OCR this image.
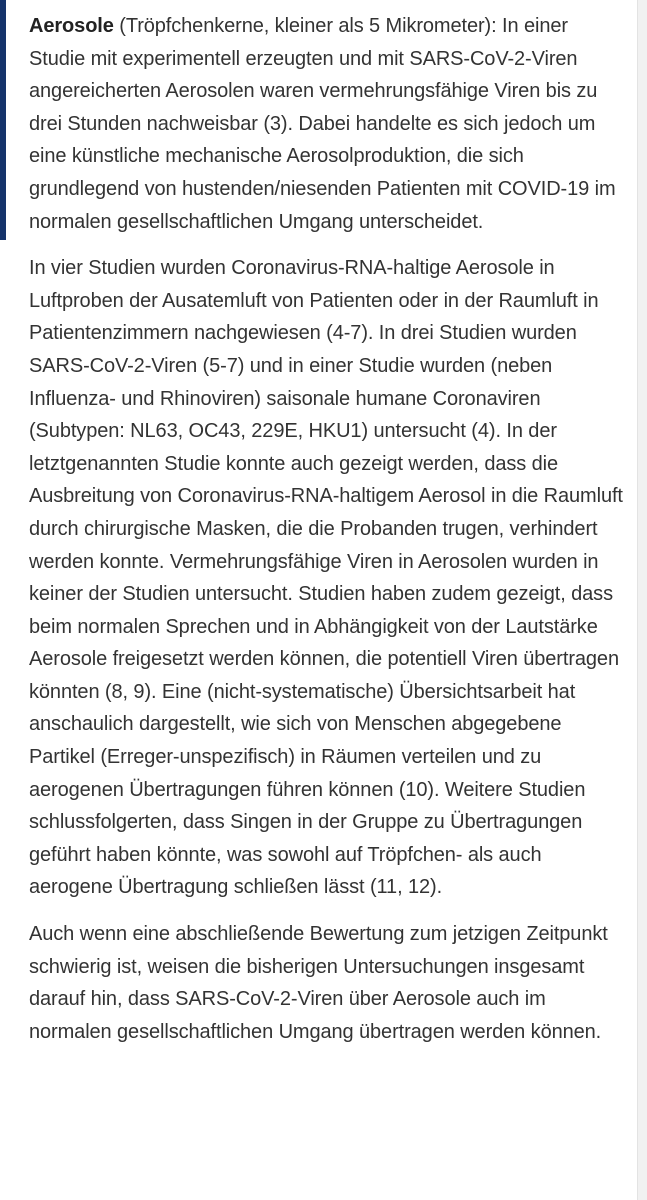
Aerosole (Tröpfchenkerne, kleiner als 5 Mikrometer): In einer Studie mit experimentell erzeugten und mit SARS-CoV-2-Viren angereicherten Aerosolen waren vermehrungsfähige Viren bis zu drei Stunden nachweisbar (3). Dabei handelte es sich jedoch um eine künstliche mechanische Aerosolproduktion, die sich grundlegend von hustenden/niesenden Patienten mit COVID-19 im normalen gesellschaftlichen Umgang unterscheidet.

In vier Studien wurden Coronavirus-RNA-haltige Aerosole in Luftproben der Ausatemluft von Patienten oder in der Raumluft in Patientenzimmern nachgewiesen (4-7). In drei Studien wurden SARS-CoV-2-Viren (5-7) und in einer Studie wurden (neben Influenza- und Rhinoviren) saisonale humane Coronaviren (Subtypen: NL63, OC43, 229E, HKU1) untersucht (4). In der letztgenannten Studie konnte auch gezeigt werden, dass die Ausbreitung von Coronavirus-RNA-haltigem Aerosol in die Raumluft durch chirurgische Masken, die die Probanden trugen, verhindert werden konnte. Vermehrungsfähige Viren in Aerosolen wurden in keiner der Studien untersucht. Studien haben zudem gezeigt, dass beim normalen Sprechen und in Abhängigkeit von der Lautstärke Aerosole freigesetzt werden können, die potentiell Viren übertragen könnten (8, 9). Eine (nicht-systematische) Übersichtsarbeit hat anschaulich dargestellt, wie sich von Menschen abgegebene Partikel (Erreger-unspezifisch) in Räumen verteilen und zu aerogenen Übertragungen führen können (10). Weitere Studien schlussfolgerten, dass Singen in der Gruppe zu Übertragungen geführt haben könnte, was sowohl auf Tröpfchen- als auch aerogene Übertragung schließen lässt (11, 12).

Auch wenn eine abschließende Bewertung zum jetzigen Zeitpunkt schwierig ist, weisen die bisherigen Untersuchungen insgesamt darauf hin, dass SARS-CoV-2-Viren über Aerosole auch im normalen gesellschaftlichen Umgang übertragen werden können.
